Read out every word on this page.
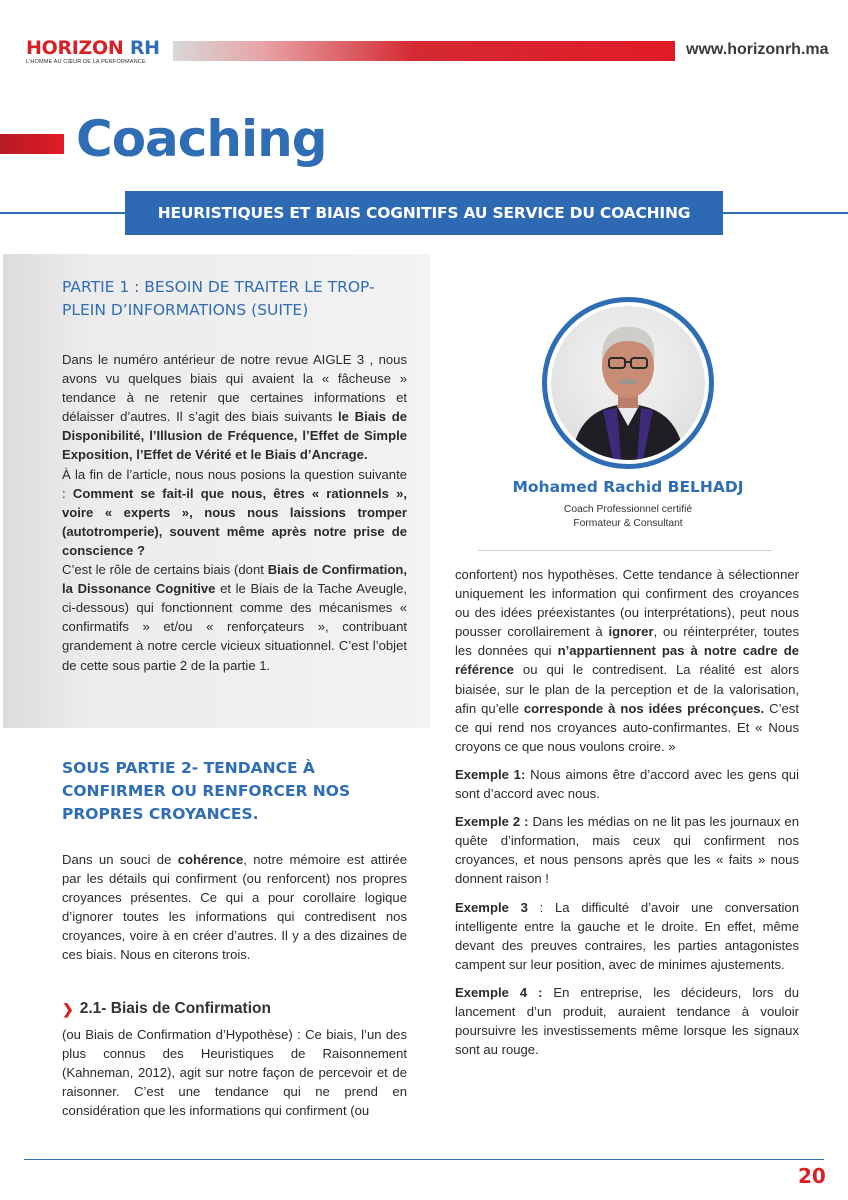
HORIZON RH
L'HOMME AU CŒUR DE LA PERFORMANCE
www.horizonrh.ma
Coaching
HEURISTIQUES ET BIAIS COGNITIFS AU SERVICE DU COACHING
PARTIE 1 : BESOIN DE TRAITER LE TROP-PLEIN D’INFORMATIONS (SUITE)

Dans le numéro antérieur de notre revue AIGLE 3 , nous avons vu quelques biais qui avaient la « fâcheuse » tendance à ne retenir que certaines informations et délaisser d’autres. Il s’agit des biais suivants le Biais de Disponibilité, l’Illusion de Fréquence, l’Effet de Simple Exposition, l’Effet de Vérité et le Biais d’Ancrage.

À la fin de l’article, nous nous posions la question suivante : Comment se fait-il que nous, êtres « rationnels », voire « experts », nous nous laissions tromper (autotromperie), souvent même après notre prise de conscience ?

C’est le rôle de certains biais (dont Biais de Confirmation, la Dissonance Cognitive et le Biais de la Tache Aveugle, ci-dessous) qui fonctionnent comme des mécanismes « confirmatifs » et/ou « renforçateurs », contribuant grandement à notre cercle vicieux situationnel. C’est l’objet de cette sous partie 2 de la partie 1.

SOUS PARTIE 2- TENDANCE À CONFIRMER OU RENFORCER NOS PROPRES CROYANCES.

Dans un souci de cohérence, notre mémoire est attirée par les détails qui confirment (ou renforcent) nos propres croyances présentes. Ce qui a pour corollaire logique d’ignorer toutes les informations qui contredisent nos croyances, voire à en créer d’autres. Il y a des dizaines de ces biais. Nous en citerons trois.

❯ 2.1- Biais de Confirmation
(ou Biais de Confirmation d’Hypothèse) : Ce biais, l’un des plus connus des Heuristiques de Raisonnement (Kahneman, 2012), agit sur notre façon de percevoir et de raisonner. C’est une tendance qui ne prend en considération que les informations qui confirment (ou
Mohamed Rachid BELHADJ
Coach Professionnel certifié
Formateur & Consultant

confortent) nos hypothèses. Cette tendance à sélectionner uniquement les information qui confirment des croyances ou des idées préexistantes (ou interprétations), peut nous pousser corollairement à ignorer, ou réinterpréter, toutes les données qui n’appartiennent pas à notre cadre de référence ou qui le contredisent. La réalité est alors biaisée, sur le plan de la perception et de la valorisation, afin qu’elle corresponde à nos idées préconçues. C’est ce qui rend nos croyances auto-confirmantes. Et « Nous croyons ce que nous voulons croire. »

Exemple 1: Nous aimons être d’accord avec les gens qui sont d’accord avec nous.

Exemple 2 : Dans les médias on ne lit pas les journaux en quête d’information, mais ceux qui confirment nos croyances, et nous pensons après que les « faits » nous donnent raison !

Exemple 3 : La difficulté d’avoir une conversation intelligente entre la gauche et le droite. En effet, même devant des preuves contraires, les parties antagonistes campent sur leur position, avec de minimes ajustements.

Exemple 4 : En entreprise, les décideurs, lors du lancement d’un produit, auraient tendance à vouloir poursuivre les investissements même lorsque les signaux sont au rouge.

20
